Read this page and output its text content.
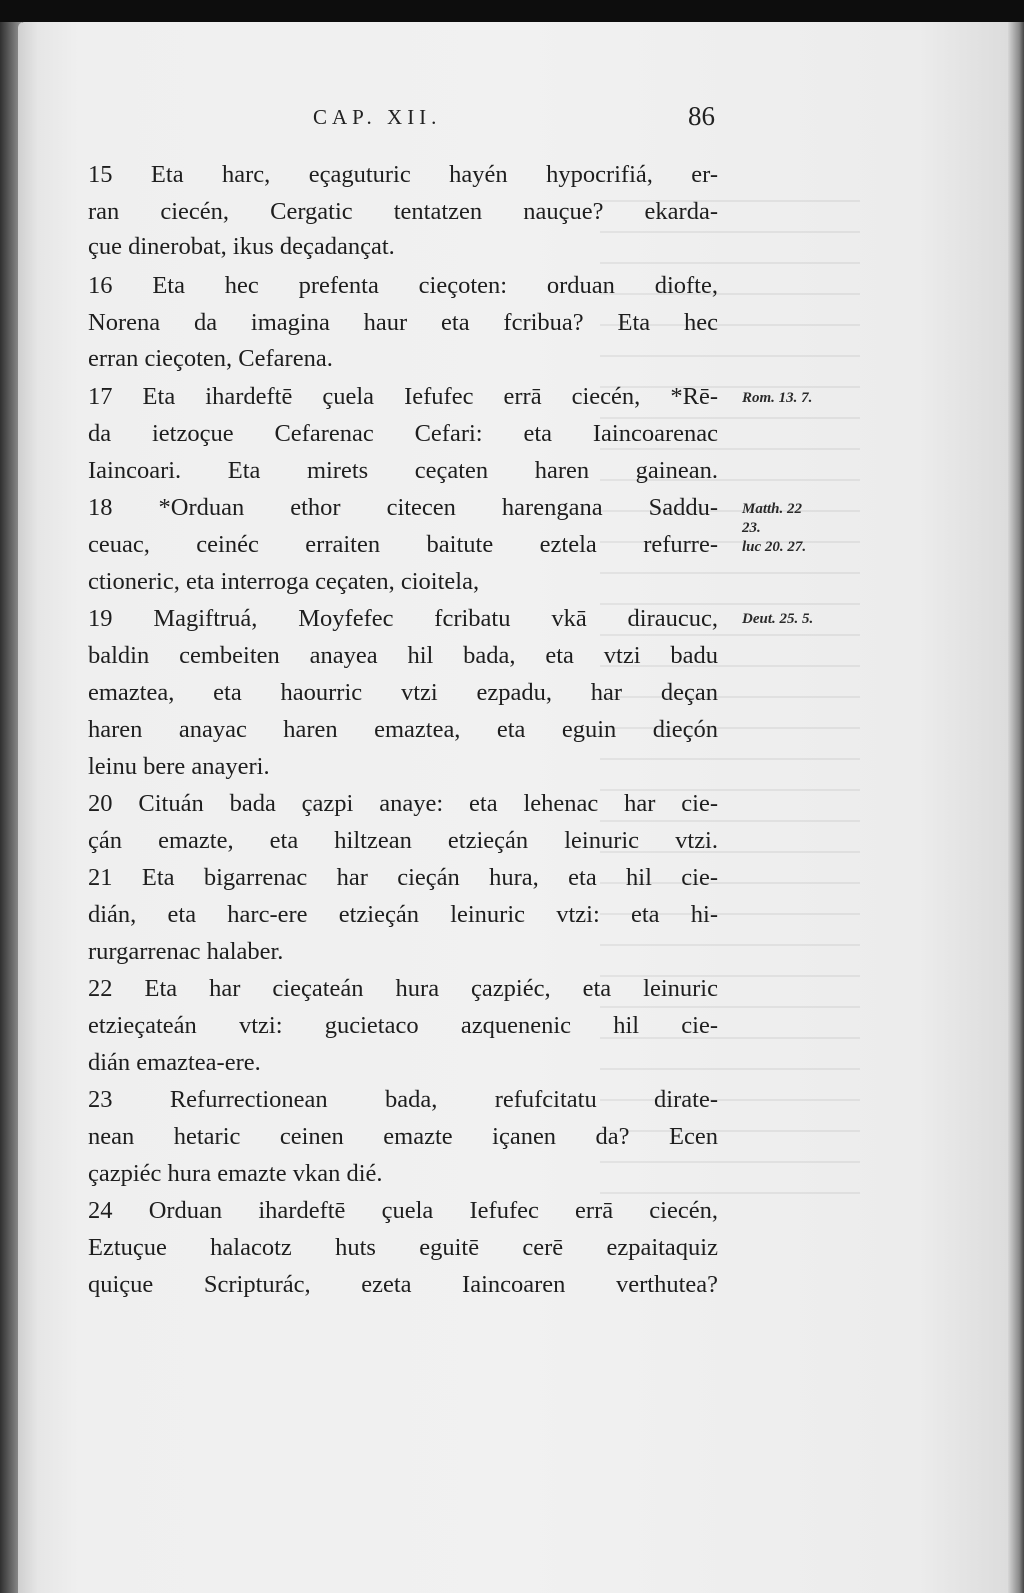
CAP. XII.	86
15 Eta harc, eçaguturic hayén hypocrifiá, er-
ran ciecén, Cergatic tentatzen nauçue? ekarda-
çue dinerobat, ikus deçadançat.
16 Eta hec prefenta cieçoten: orduan diofte,
Norena da imagina haur eta fcribua? Eta hec
erran cieçoten, Cefarena.
17 Eta ihardeftē çuela Iefufec errā ciecén, *Rē-
da ietzoçue Cefarenac Cefari: eta Iaincoarenac
Iaincoari. Eta mirets ceçaten haren gainean.
18 *Orduan ethor citecen harengana Saddu-
ceuac, ceinéc erraiten baitute eztela refurre-
ctioneric, eta interroga ceçaten, cioitela,
19 Magiftruá, Moyfefec fcribatu vkā diraucuc,
baldin cembeiten anayea hil bada, eta vtzi badu
emaztea, eta haourric vtzi ezpadu, har deçan
haren anayac haren emaztea, eta eguin dieçón
leinu bere anayeri.
20 Cituán bada çazpi anaye: eta lehenac har cie-
çán emazte, eta hiltzean etzieçán leinuric vtzi.
21 Eta bigarrenac har cieçán hura, eta hil cie-
dián, eta harc-ere etzieçán leinuric vtzi: eta hi-
rurgarrenac halaber.
22 Eta har cieçateán hura çazpiéc, eta leinuric
etzieçateán vtzi: gucietaco azquenenic hil cie-
dián emaztea-ere.
23 Refurrectionean bada, refufcitatu dirate-
nean hetaric ceinen emazte içanen da? Ecen
çazpiéc hura emazte vkan dié.
24 Orduan ihardeftē çuela Iefufec errā ciecén,
Eztuçue halacotz huts eguitē cerē ezpaitaquiz
quiçue Scripturác, ezeta Iaincoaren verthutea?
Rom. 13. 7.
Matth. 22
23.
luc 20. 27.
Deut. 25. 5.
